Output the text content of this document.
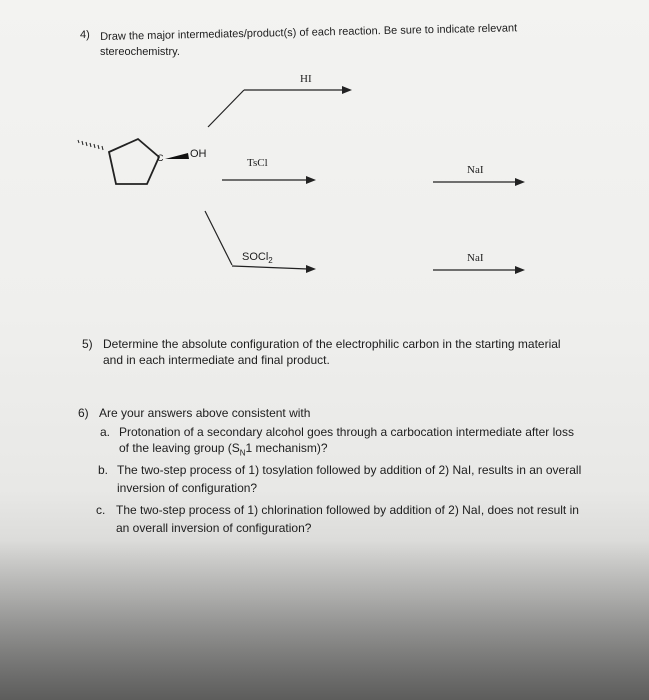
4) Draw the major intermediates/product(s) of each reaction. Be sure to indicate relevant
stereochemistry.
C OH
HI
TsCl
SOCl$_2$
NaI
NaI
5) Determine the absolute configuration of the electrophilic carbon in the starting material
and in each intermediate and final product.
6) Are your answers above consistent with
a. Protonation of a secondary alcohol goes through a carbocation intermediate after loss
of the leaving group ($S_N1$ mechanism)?
b. The two-step process of 1) tosylation followed by addition of 2) NaI, results in an overall
inversion of configuration?
c. The two-step process of 1) chlorination followed by addition of 2) NaI, does not result in
an overall inversion of configuration?
